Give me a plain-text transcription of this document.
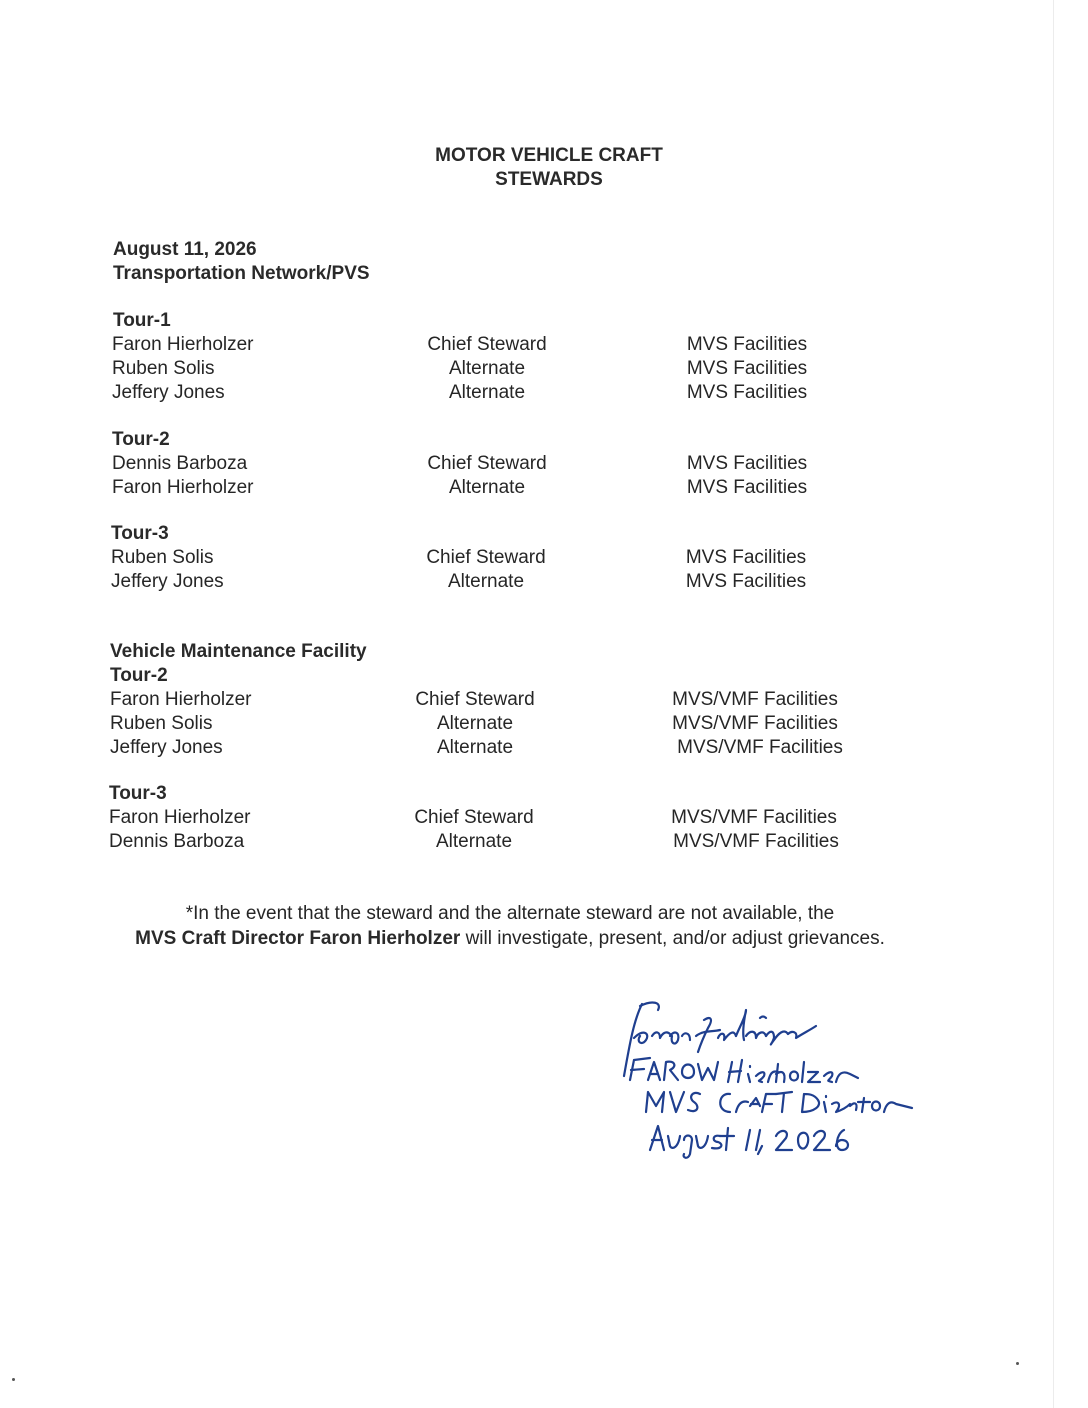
MOTOR VEHICLE CRAFT
STEWARDS
August 11, 2026
Transportation Network/PVS
Tour-1
Faron Hierholzer	Chief Steward	MVS Facilities
Ruben Solis	Alternate	MVS Facilities
Jeffery Jones	Alternate	MVS Facilities
Tour-2
Dennis Barboza	Chief Steward	MVS Facilities
Faron Hierholzer	Alternate	MVS Facilities
Tour-3
Ruben Solis	Chief Steward	MVS Facilities
Jeffery Jones	Alternate	MVS Facilities
Vehicle Maintenance Facility
Tour-2
Faron Hierholzer	Chief Steward	MVS/VMF Facilities
Ruben Solis	Alternate	MVS/VMF Facilities
Jeffery Jones	Alternate	MVS/VMF Facilities
Tour-3
Faron Hierholzer	Chief Steward	MVS/VMF Facilities
Dennis Barboza	Alternate	MVS/VMF Facilities
*In the event that the steward and the alternate steward are not available, the
MVS Craft Director Faron Hierholzer will investigate, present, and/or adjust grievances.
